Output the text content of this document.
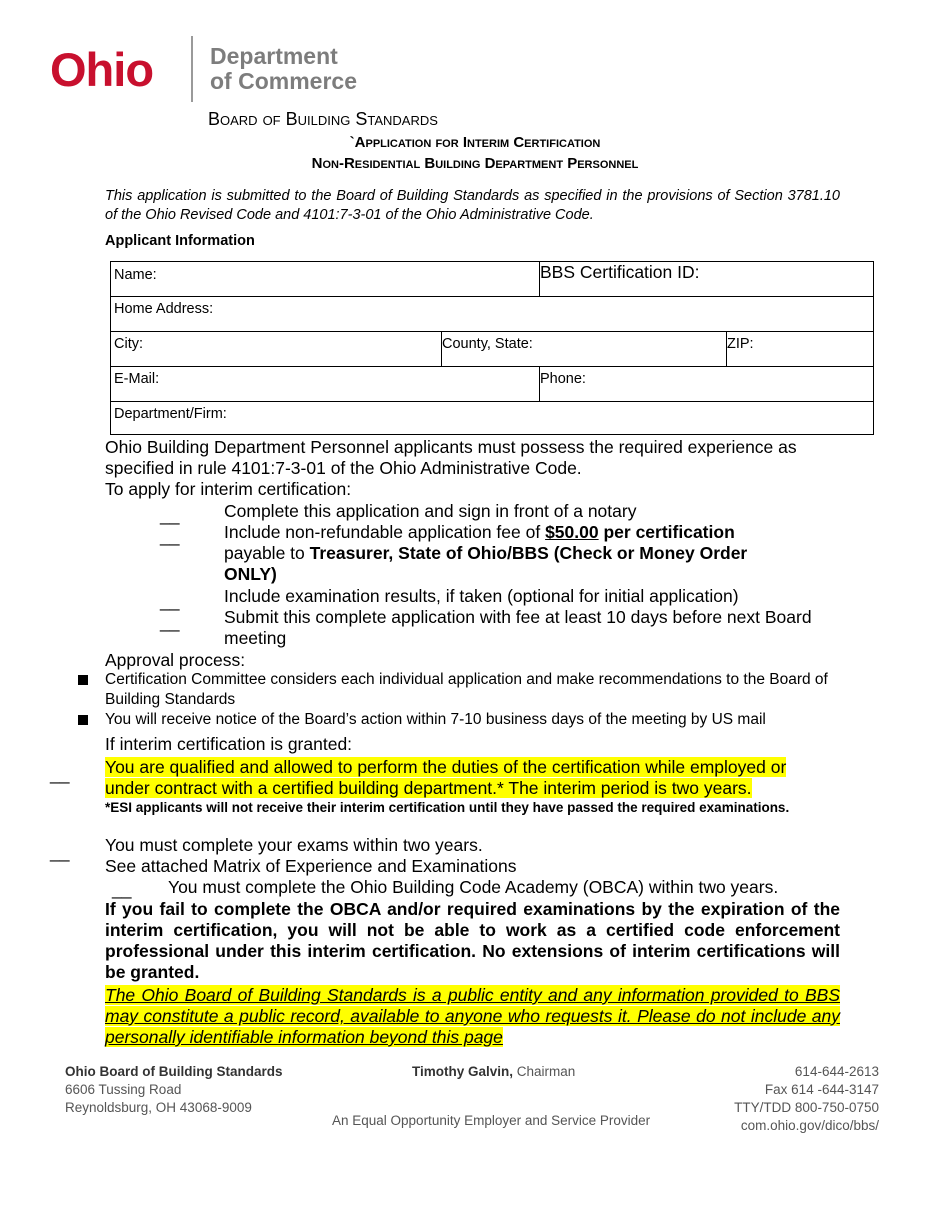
Ohio Department
of Commerce
Board of Building Standards
`Application for Interim Certification
Non-Residential Building Department Personnel
This application is submitted to the Board of Building Standards as specified in the provisions of Section 3781.10 of the Ohio Revised Code and 4101:7-3-01 of the Ohio Administrative Code.
Applicant Information
Name:	BBS Certification ID:
Home Address:
City:	County, State:	ZIP:
E-Mail:	Phone:
Department/Firm:
Ohio Building Department Personnel applicants must possess the required experience as
specified in rule 4101:7-3-01 of the Ohio Administrative Code.
To apply for interim certification:
__	Complete this application and sign in front of a notary
__	Include non-refundable application fee of $50.00 per certification
payable to Treasurer, State of Ohio/BBS (Check or Money Order
ONLY)
__	Include examination results, if taken (optional for initial application)
__	Submit this complete application with fee at least 10 days before next Board
meeting
Approval process:
Certification Committee considers each individual application and make recommendations to the Board of Building Standards
You will receive notice of the Board’s action within 7-10 business days of the meeting by US mail
If interim certification is granted:
__ You are qualified and allowed to perform the duties of the certification while employed or
under contract with a certified building department.* The interim period is two years.
*ESI applicants will not receive their interim certification until they have passed the required examinations.
__ You must complete your exams within two years.
See attached Matrix of Experience and Examinations
__ You must complete the Ohio Building Code Academy (OBCA) within two years.
If you fail to complete the OBCA and/or required examinations by the expiration of the interim certification, you will not be able to work as a certified code enforcement professional under this interim certification. No extensions of interim certifications will be granted.
The Ohio Board of Building Standards is a public entity and any information provided to BBS may constitute a public record, available to anyone who requests it. Please do not include any personally identifiable information beyond this page
Ohio Board of Building Standards
6606 Tussing Road
Reynoldsburg, OH 43068-9009
Timothy Galvin, Chairman
An Equal Opportunity Employer and Service Provider
614-644-2613
Fax 614 -644-3147
TTY/TDD 800-750-0750
com.ohio.gov/dico/bbs/
